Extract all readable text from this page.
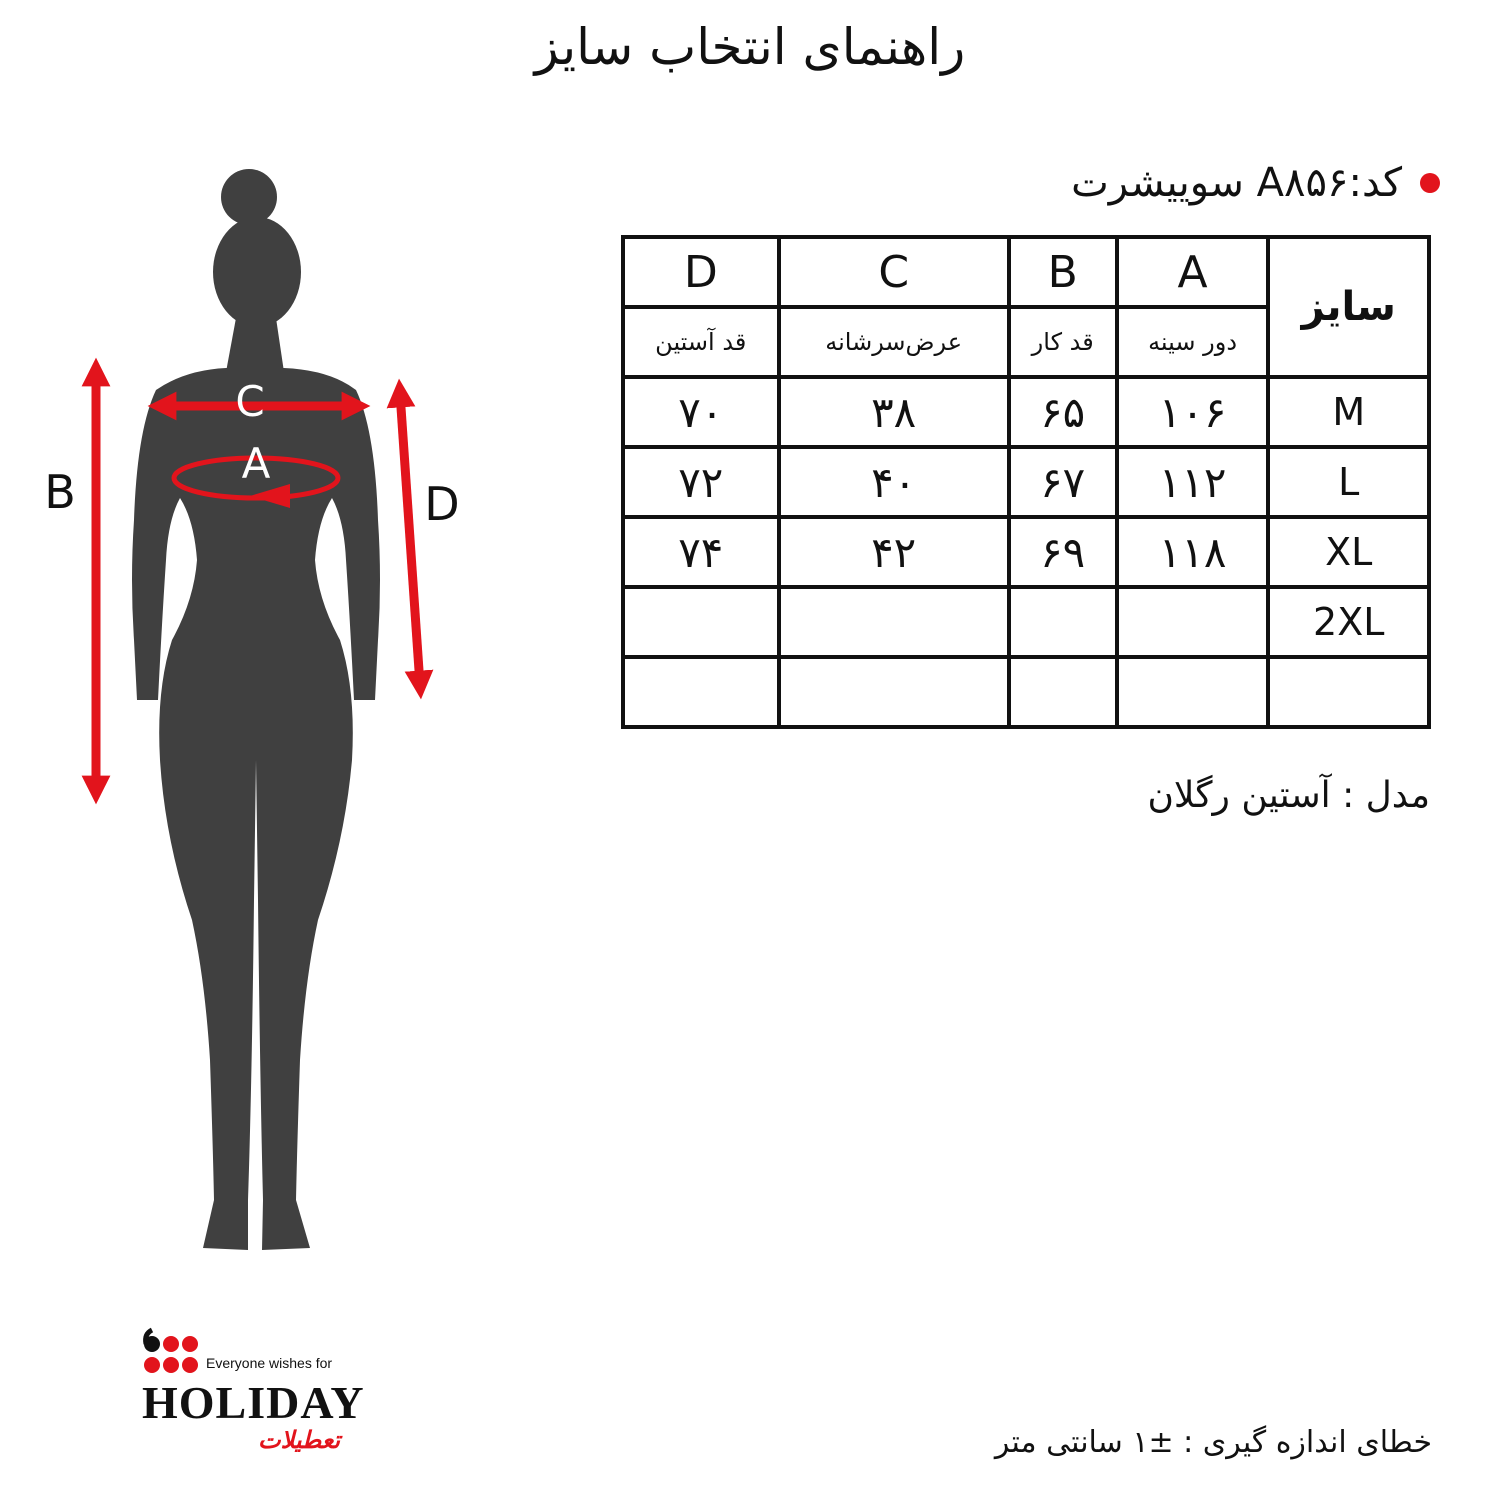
راهنمای انتخاب سایز
کد:A۸۵۶ سوییشرت
سایز	A	B	C	D
	دور سینه	قد کار	عرض‌سرشانه	قد آستین
M	۱۰۶	۶۵	۳۸	۷۰
L	۱۱۲	۶۷	۴۰	۷۲
XL	۱۱۸	۶۹	۴۲	۷۴
2XL				

مدل : آستین رگلان
C
A
B	D
Everyone wishes for
HOLIDAY
تعطیلات	خطای اندازه گیری : ±۱ سانتی متر
